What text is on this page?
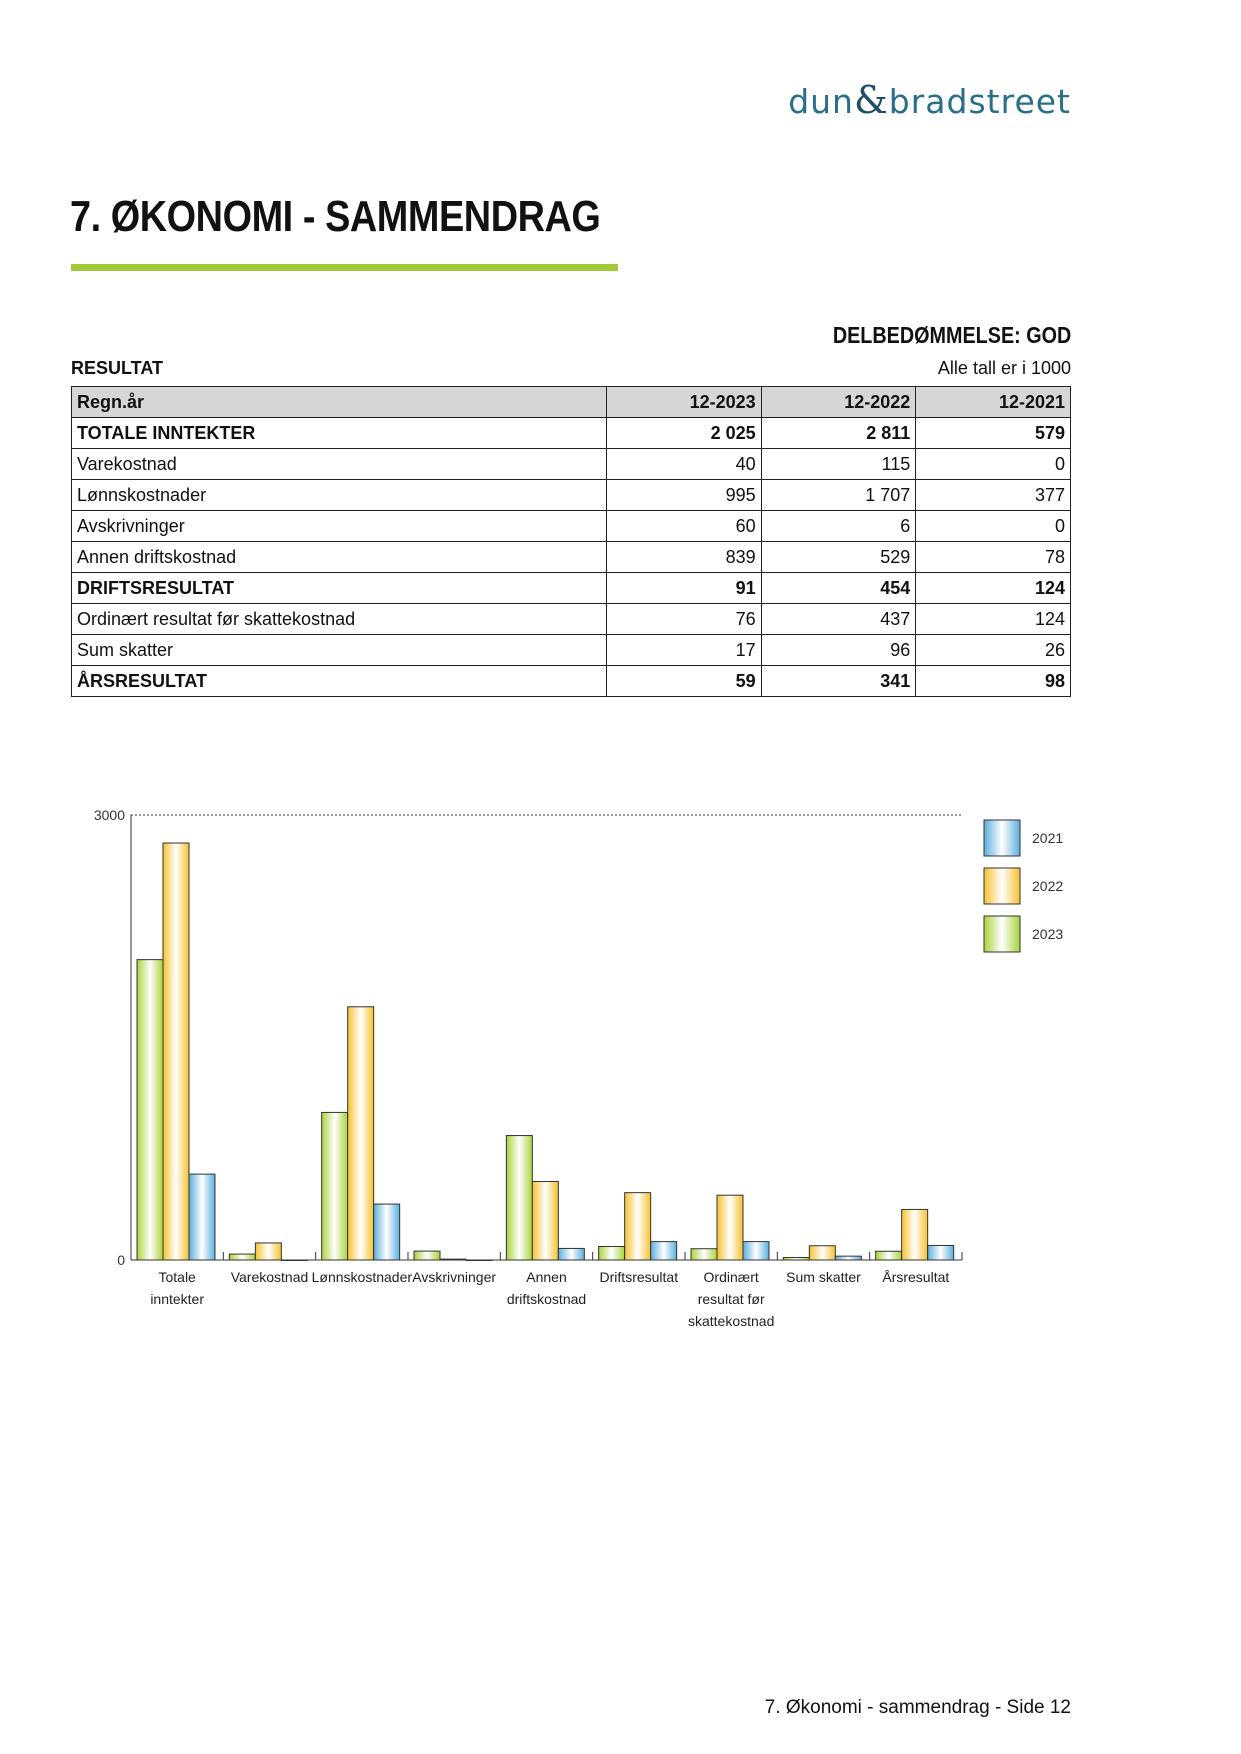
dun&bradstreet
7. ØKONOMI - SAMMENDRAG
DELBEDØMMELSE: GOD
RESULTAT	Alle tall er i 1000
Regn.år	12-2023	12-2022	12-2021
TOTALE INNTEKTER	2 025	2 811	579
Varekostnad	40	115	0
Lønnskostnader	995	1 707	377
Avskrivninger	60	6	0
Annen driftskostnad	839	529	78
DRIFTSRESULTAT	91	454	124
Ordinært resultat før skattekostnad	76	437	124
Sum skatter	17	96	26
ÅRSRESULTAT	59	341	98
0
3000
Totale
inntekter
Varekostnad Lønnskostnader Avskrivninger Annen
driftskostnad
Driftsresultat Ordinært
resultat før
skattekostnad
Sum skatter Årsresultat
2021
2022
2023
7. Økonomi - sammendrag - Side 12
